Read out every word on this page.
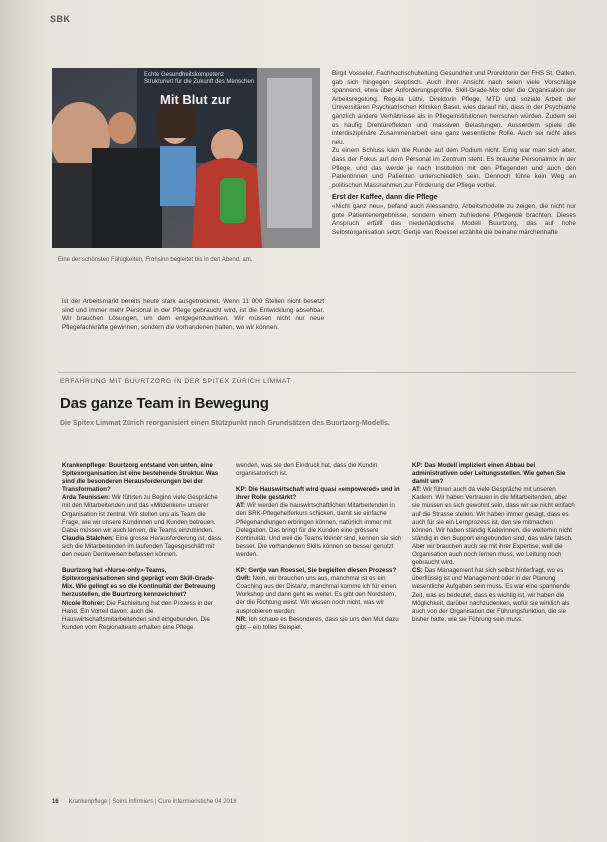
SBK
Echte Gesundheitskompetenz
Strukturiert für die Zukunft des Menschen
Mit Blut zur
Eine der schönsten Fähigkeiten, Frohsinn begleitet bis in den Abend, am.

ist der Arbeitsmarkt bereits heute stark ausgetrocknet. Wenn 11 000 Stellen nicht besetzt sind und immer mehr Personal in der Pflege gebraucht wird, ist die Entwicklung absehbar. Wir brauchen Lösungen, um dem entgegenzuwirken. Wir müssen nicht nur neue Pflegefachkräfte gewinnen, sondern die vorhandenen halten, wo wir können.

Birgit Vosseler, Fachhochschulleitung Gesundheit und Prorektorin der FHS St. Gallen, gab sich hingegen skeptisch. Auch ihrer Ansicht nach seien viele Vorschläge spannend, etwa über Anforderungsprofile. Skill-Grade-Mix oder die Organisation der Arbeitsregelung. Regula Lüthi, Direktorin Pflege, MTD und soziale Arbeit der Universitären Psychiatrischen Kliniken Basel, wies darauf hin, dass in der Psychiatrie gänzlich andere Verhältnisse als in Pflegeinstitutionen herrschen würden. Zudem sei es häufig Drehtüreffekten und massiven Belastungen. Ausserdem spiele die interdisziplinäre Zusammenarbeit eine ganz wesentliche Rolle. Auch sei nicht alles neu.

Zu einem Schluss kam die Runde auf dem Podium nicht. Einig war man sich aber, dass der Fokus auf dem Personal im Zentrum steht. Es brauche Personalmix in der Pflege, und das werde je nach Institution mit den Pflegenden und auch den Patientinnen und Patienten unterschiedlich sein. Dennoch führe kein Weg an politischen Massnahmen zur Förderung der Pflege vorbei.

Erst der Kaffee, dann die Pflege

«Nicht ganz neu», befand auch Alessandro, Arbeitsmodelle zu zeigen, die nicht nur gute Patientenergebnisse, sondern einem zufriedene Pflegende brachten. Dieses Anspruch erfüllt das niederländische Modell Buurtzorg, das auf hohe Selbstorganisation setzt. Gertje van Roessel erzählte die beinahe märchenhafte

ERFAHRUNG MIT BUURTZORG IN DER SPITEX ZÜRICH LIMMAT
Das ganze Team in Bewegung
Die Spitex Limmat Zürich reorganisiert einen Stützpunkt nach Grundsätzen des Buurtzorg-Modells.
Krankenpflege: Buurtzorg entstand von unten, eine Spitexorganisation ist eine bestehende Struktur. Was sind die besonderen Herausforderungen bei der Transformation?
Arda Teunissen: Wir führten zu Beginn viele Gespräche mit den Mitarbeitenden und das «Mitdenken» unserer Organisation ist zentral. Wir stellen uns als Team die Frage, wie wir unsere Kundinnen und Kunden betreuen. Dabei müssen wir auch lernen, die Teams einzubinden.
Claudia Stalchen: Eine grosse Herausforderung ist, dass sich die Mitarbeitenden im laufenden Tagesgeschäft mit den neuen Denkweisen befassen können.
Buurtzorg hat «Nurse-only»-Teams, Spitexorganisationen sind geprägt vom Skill-Grade-Mix. Wie gelingt es so die Kontinuität der Betreuung herzustellen, die Buurtzorg kennzeichnet?
Nicole Rohrer: Die Fachleitung hat den Prozess in der Hand. Ein Vorteil davon: auch die Hauswirtschaftsmitarbeitenden sind eingebunden. Die Kunden vom Regionalteam erhalten eine Pflege
wenden, was sie den Eindruck hat, dass die Kundin organisatorisch ist.
KP: Die Hauswirtschaft wird quasi «empowered» und in ihrer Rolle gestärkt?
AT: Wir werden die hauswirtschaftlichen Mitarbeitenden in den SRK-Pflegehelferkurs schicken, damit sie einfache Pflegehandlungen erbringen können, natürlich immer mit Delegation. Das bringt für die Kunden eine grössere Kontinuität. Und weil die Teams kleiner sind, kennen sie sich besser. Die vorhandenen Skills können so besser genutzt werden.
KP: Gertje van Roessel, Sie begleiten diesen Prozess?
GvR: Nein, wir brauchen uns aus, manchmal ist es ein Coaching aus der Distanz, manchmal komme ich für einen Workshop und dann geht es weiter. Es gibt den Nordstern, der die Richtung weist. Wir wissen noch nicht, was wir ausprobieren werden.
NR: Ich schaue es Besonderes, dass sie uns den Mut dazu gibt – ein tolles Beispiel.
KP: Das Modell impliziert einen Abbau bei administrativen oder Leitungsstellen. Wie gehen Sie damit um?
AT: Wir führen auch da viele Gespräche mit unseren Kadern. Wir haben Vertrauen in die Mitarbeitenden, aber sie müssen es sich gewohnt sein, dass wir sie nicht einfach auf die Strasse stellen. Wir haben immer gesagt, dass es auch für sie ein Lernprozess ist, den sie mitmachen können. Wir haben ständig Kaderinnen, die weiterhin nicht ständig in den Support eingebunden sind, das wäre falsch. Aber wir brauchen auch sie mit ihrer Expertise, weil die Organisation auch noch lernen muss, wo Leitung noch gebraucht wird.
CS: Das Management hat sich selbst hinterfragt, wo es überflüssig ist und Management oder in der Planung wesentliche Aufgaben sein muss. Es war eine spannende Zeit, was es bedeutet, dass es wichtig ist, wir haben die Möglichkeit, darüber nachzudenken, wofür sie wirklich als auch von der Organisation der Führungsfunktion, die sie bisher hatte, wie sie Führung sein muss.
16 Krankenpflege | Soins infirmiers | Cure infermieristiche 04 2018
